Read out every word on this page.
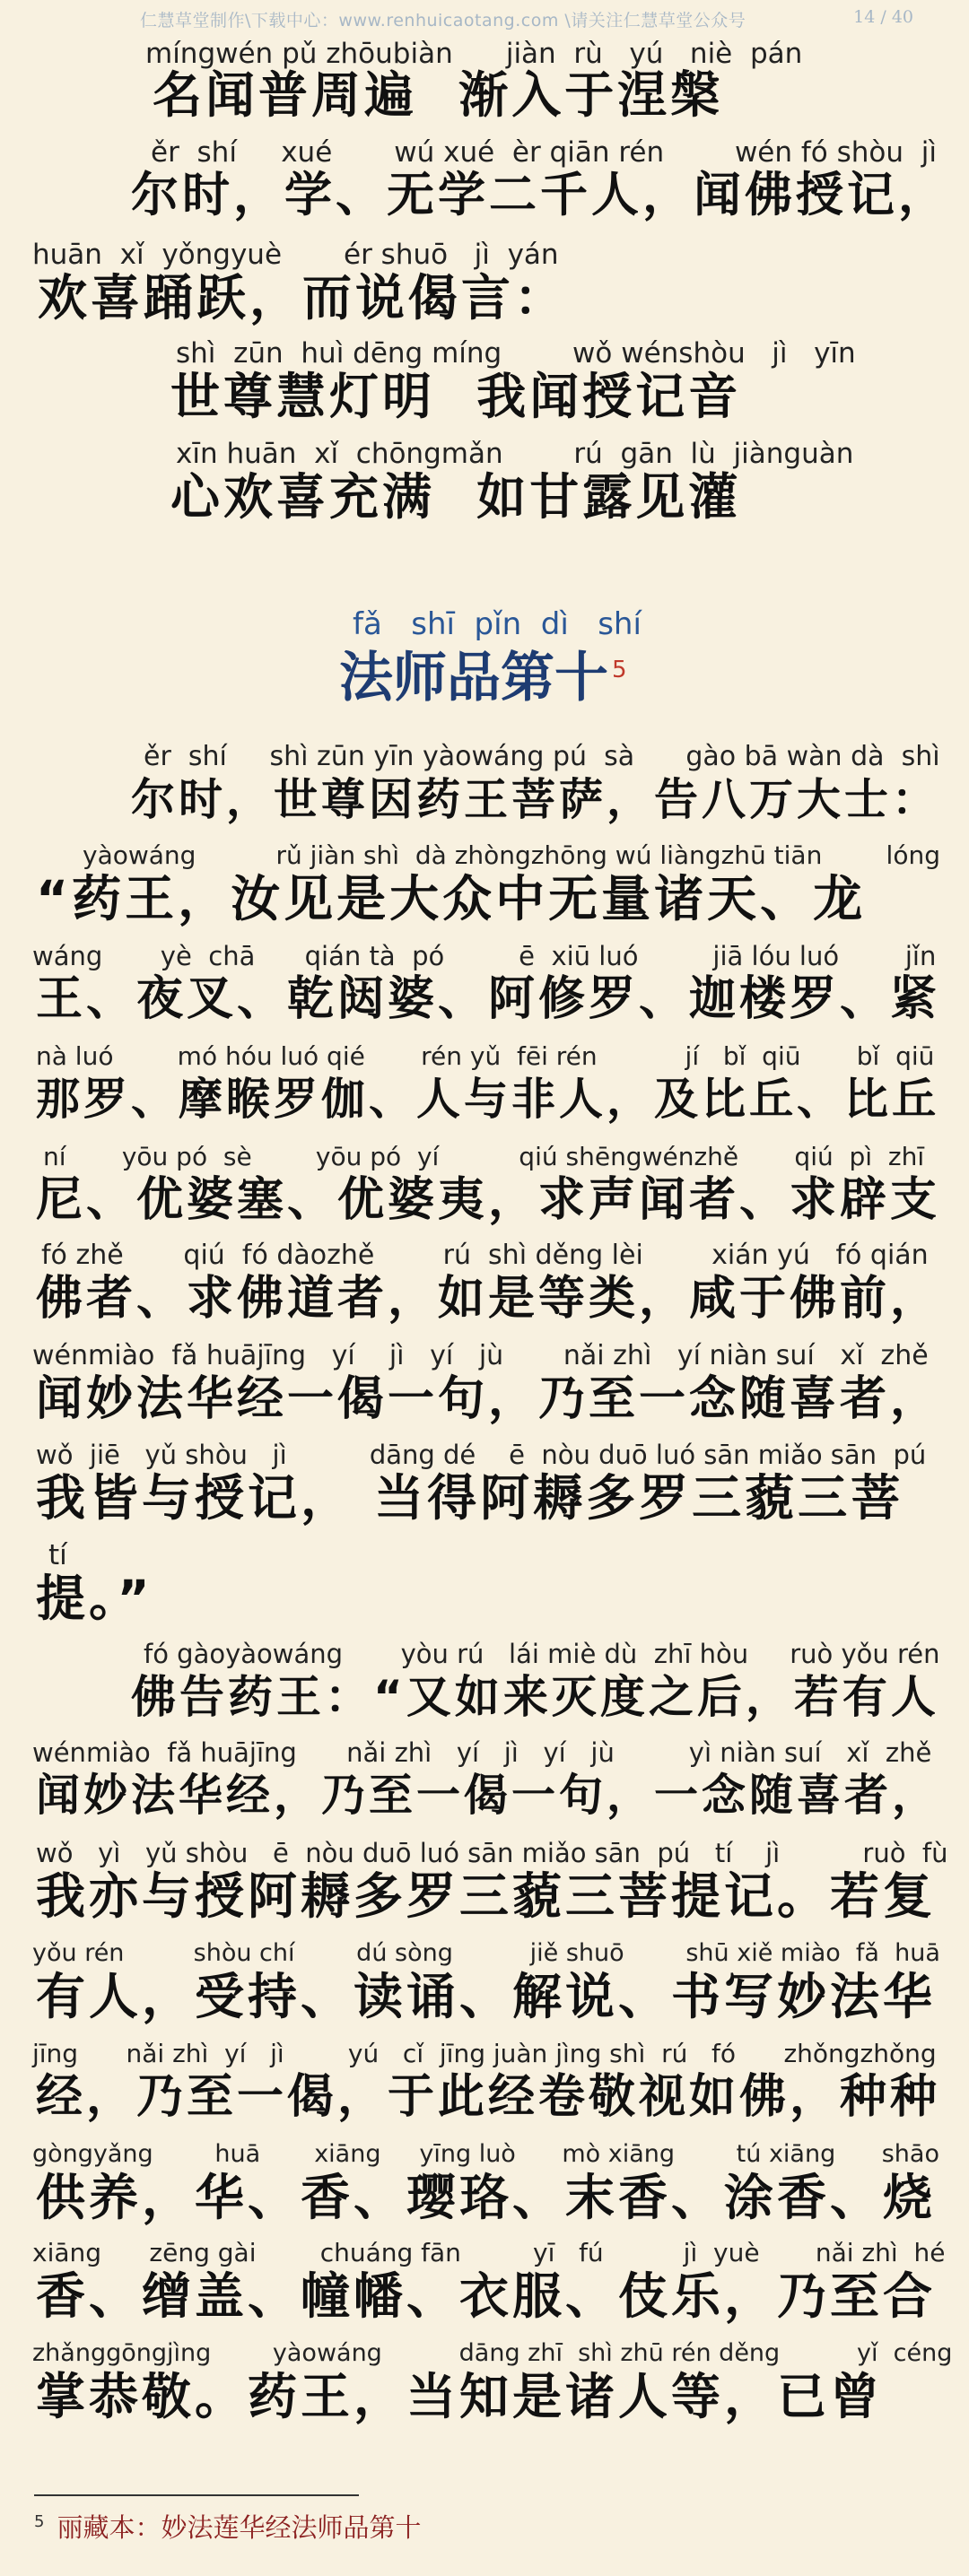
仁慧草堂制作\下载中心：www.renhuicaotang.com \请关注仁慧草堂公众号	14 / 40
míngwén pǔ zhōubiàn      jiàn  rù   yú   niè  pán
名闻普周遍  渐入于涅槃
ěr  shí     xué       wú xué  èr qiān rén        wén fó shòu  jì
尔时，学、无学二千人，闻佛授记，
huān  xǐ  yǒngyuè       ér shuō   jì  yán
欢喜踊跃，而说偈言：
shì  zūn  huì dēng míng        wǒ wénshòu   jì   yīn
世尊慧灯明  我闻授记音
xīn huān  xǐ  chōngmǎn        rú  gān  lù  jiànguàn
心欢喜充满  如甘露见灌
fǎ   shī  pǐn  dì   shí
法师品第十 $^5$
ěr  shí     shì zūn yīn yàowáng pú  sà      gào bā wàn dà  shì
尔时，世尊因药王菩萨，告八万大士：
yàowáng          rǔ jiàn shì  dà zhòngzhōng wú liàngzhū tiān        lóng
“药王，汝见是大众中无量诸天、龙
wáng       yè  chā      qián tà  pó         ē  xiū luó         jiā lóu luó        jǐn
王、夜叉、乾闼婆、阿修罗、迦楼罗、紧
nà luó        mó hóu luó qié       rén yǔ  fēi rén           jí   bǐ  qiū       bǐ  qiū
那罗、摩睺罗伽、人与非人，及比丘、比丘
ní       yōu pó  sè        yōu pó  yí          qiú shēngwénzhě       qiú  pì  zhī
尼、优婆塞、优婆夷，求声闻者、求辟支
fó zhě       qiú  fó dàozhě        rú  shì děng lèi        xián yú   fó qián
佛者、求佛道者，如是等类，咸于佛前，
wénmiào  fǎ huājīng   yí    jì   yí   jù       nǎi zhì   yí niàn suí   xǐ  zhě
闻妙法华经一偈一句，乃至一念随喜者，
wǒ  jiē   yǔ shòu   jì          dāng dé    ē  nòu duō luó sān miǎo sān  pú
我皆与授记， 当得阿耨多罗三藐三菩
tí
提。”
fó gàoyàowáng       yòu rú   lái miè dù  zhī hòu     ruò yǒu rén
佛告药王：“又如来灭度之后，若有人
wénmiào  fǎ huājīng      nǎi zhì   yí   jì   yí   jù         yì niàn suí   xǐ  zhě
闻妙法华经，乃至一偈一句，一念随喜者，
wǒ   yì   yǔ shòu   ē  nòu duō luó sān miǎo sān  pú   tí    jì          ruò  fù
我亦与授阿耨多罗三藐三菩提记。若复
yǒu rén         shòu chí        dú sòng          jiě shuō        shū xiě miào  fǎ  huā
有人，受持、读诵、解说、书写妙法华
jīng      nǎi zhì  yí   jì        yú   cǐ  jīng juàn jìng shì  rú   fó      zhǒngzhǒng
经，乃至一偈，于此经卷敬视如佛，种种
gòngyǎng        huā       xiāng     yīng luò      mò xiāng        tú xiāng      shāo
供养，华、香、璎珞、末香、涂香、烧
xiāng      zēng gài        chuáng fān         yī   fú          jì  yuè       nǎi zhì  hé
香、缯盖、幢幡、衣服、伎乐，乃至合
zhǎnggōngjìng        yàowáng          dāng zhī  shì zhū rén děng          yǐ  céng
掌恭敬。药王，当知是诸人等，已曾
$^5$ 丽藏本：妙法莲华经法师品第十
